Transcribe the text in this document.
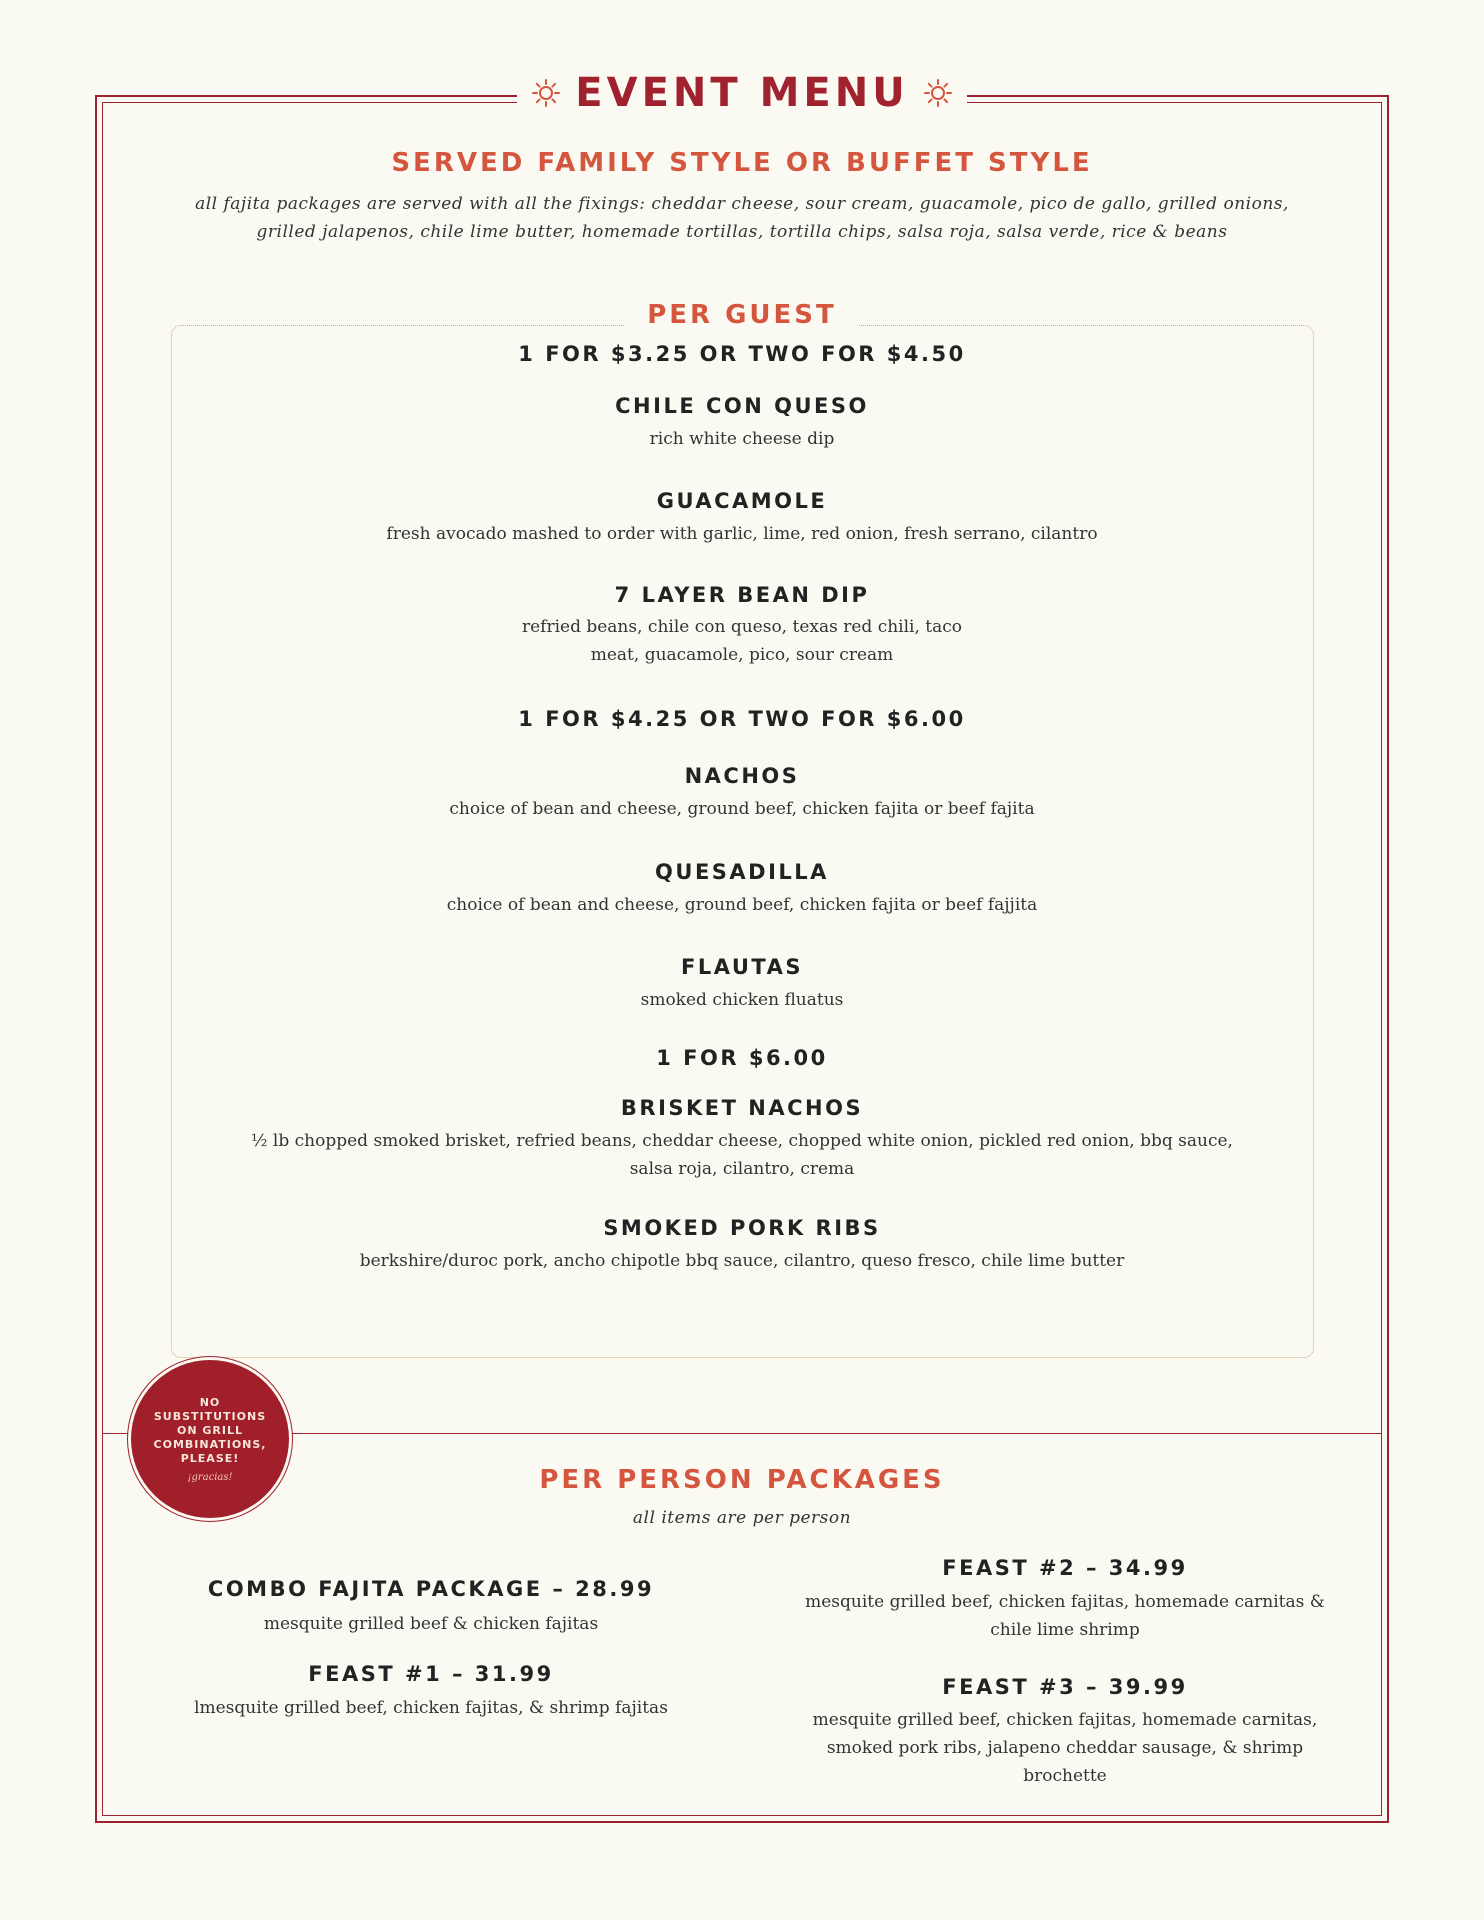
EVENT MENU
SERVED FAMILY STYLE OR BUFFET STYLE
all fajita packages are served with all the fixings: cheddar cheese, sour cream, guacamole, pico de gallo, grilled onions,
grilled jalapenos, chile lime butter, homemade tortillas, tortilla chips, salsa roja, salsa verde, rice & beans
PER GUEST
1 FOR $3.25 OR TWO FOR $4.50
CHILE CON QUESO
rich white cheese dip
GUACAMOLE
fresh avocado mashed to order with garlic, lime, red onion, fresh serrano, cilantro
7 LAYER BEAN DIP
refried beans, chile con queso, texas red chili, taco
meat, guacamole, pico, sour cream
1 FOR $4.25 OR TWO FOR $6.00
NACHOS
choice of bean and cheese, ground beef, chicken fajita or beef fajita
QUESADILLA
choice of bean and cheese, ground beef, chicken fajita or beef fajjita
FLAUTAS
smoked chicken fluatus
1 FOR $6.00
BRISKET NACHOS
½ lb chopped smoked brisket, refried beans, cheddar cheese, chopped white onion, pickled red onion, bbq sauce,
salsa roja, cilantro, crema
SMOKED PORK RIBS
berkshire/duroc pork, ancho chipotle bbq sauce, cilantro, queso fresco, chile lime butter
NO
SUBSTITUTIONS
ON GRILL
COMBINATIONS,
PLEASE!
¡gracias!	PER PERSON PACKAGES
all items are per person
COMBO FAJITA PACKAGE – 28.99
mesquite grilled beef & chicken fajitas
FEAST #1 – 31.99
lmesquite grilled beef, chicken fajitas, & shrimp fajitas
FEAST #2 – 34.99
mesquite grilled beef, chicken fajitas, homemade carnitas &
chile lime shrimp
FEAST #3 – 39.99
mesquite grilled beef, chicken fajitas, homemade carnitas,
smoked pork ribs, jalapeno cheddar sausage, & shrimp
brochette
